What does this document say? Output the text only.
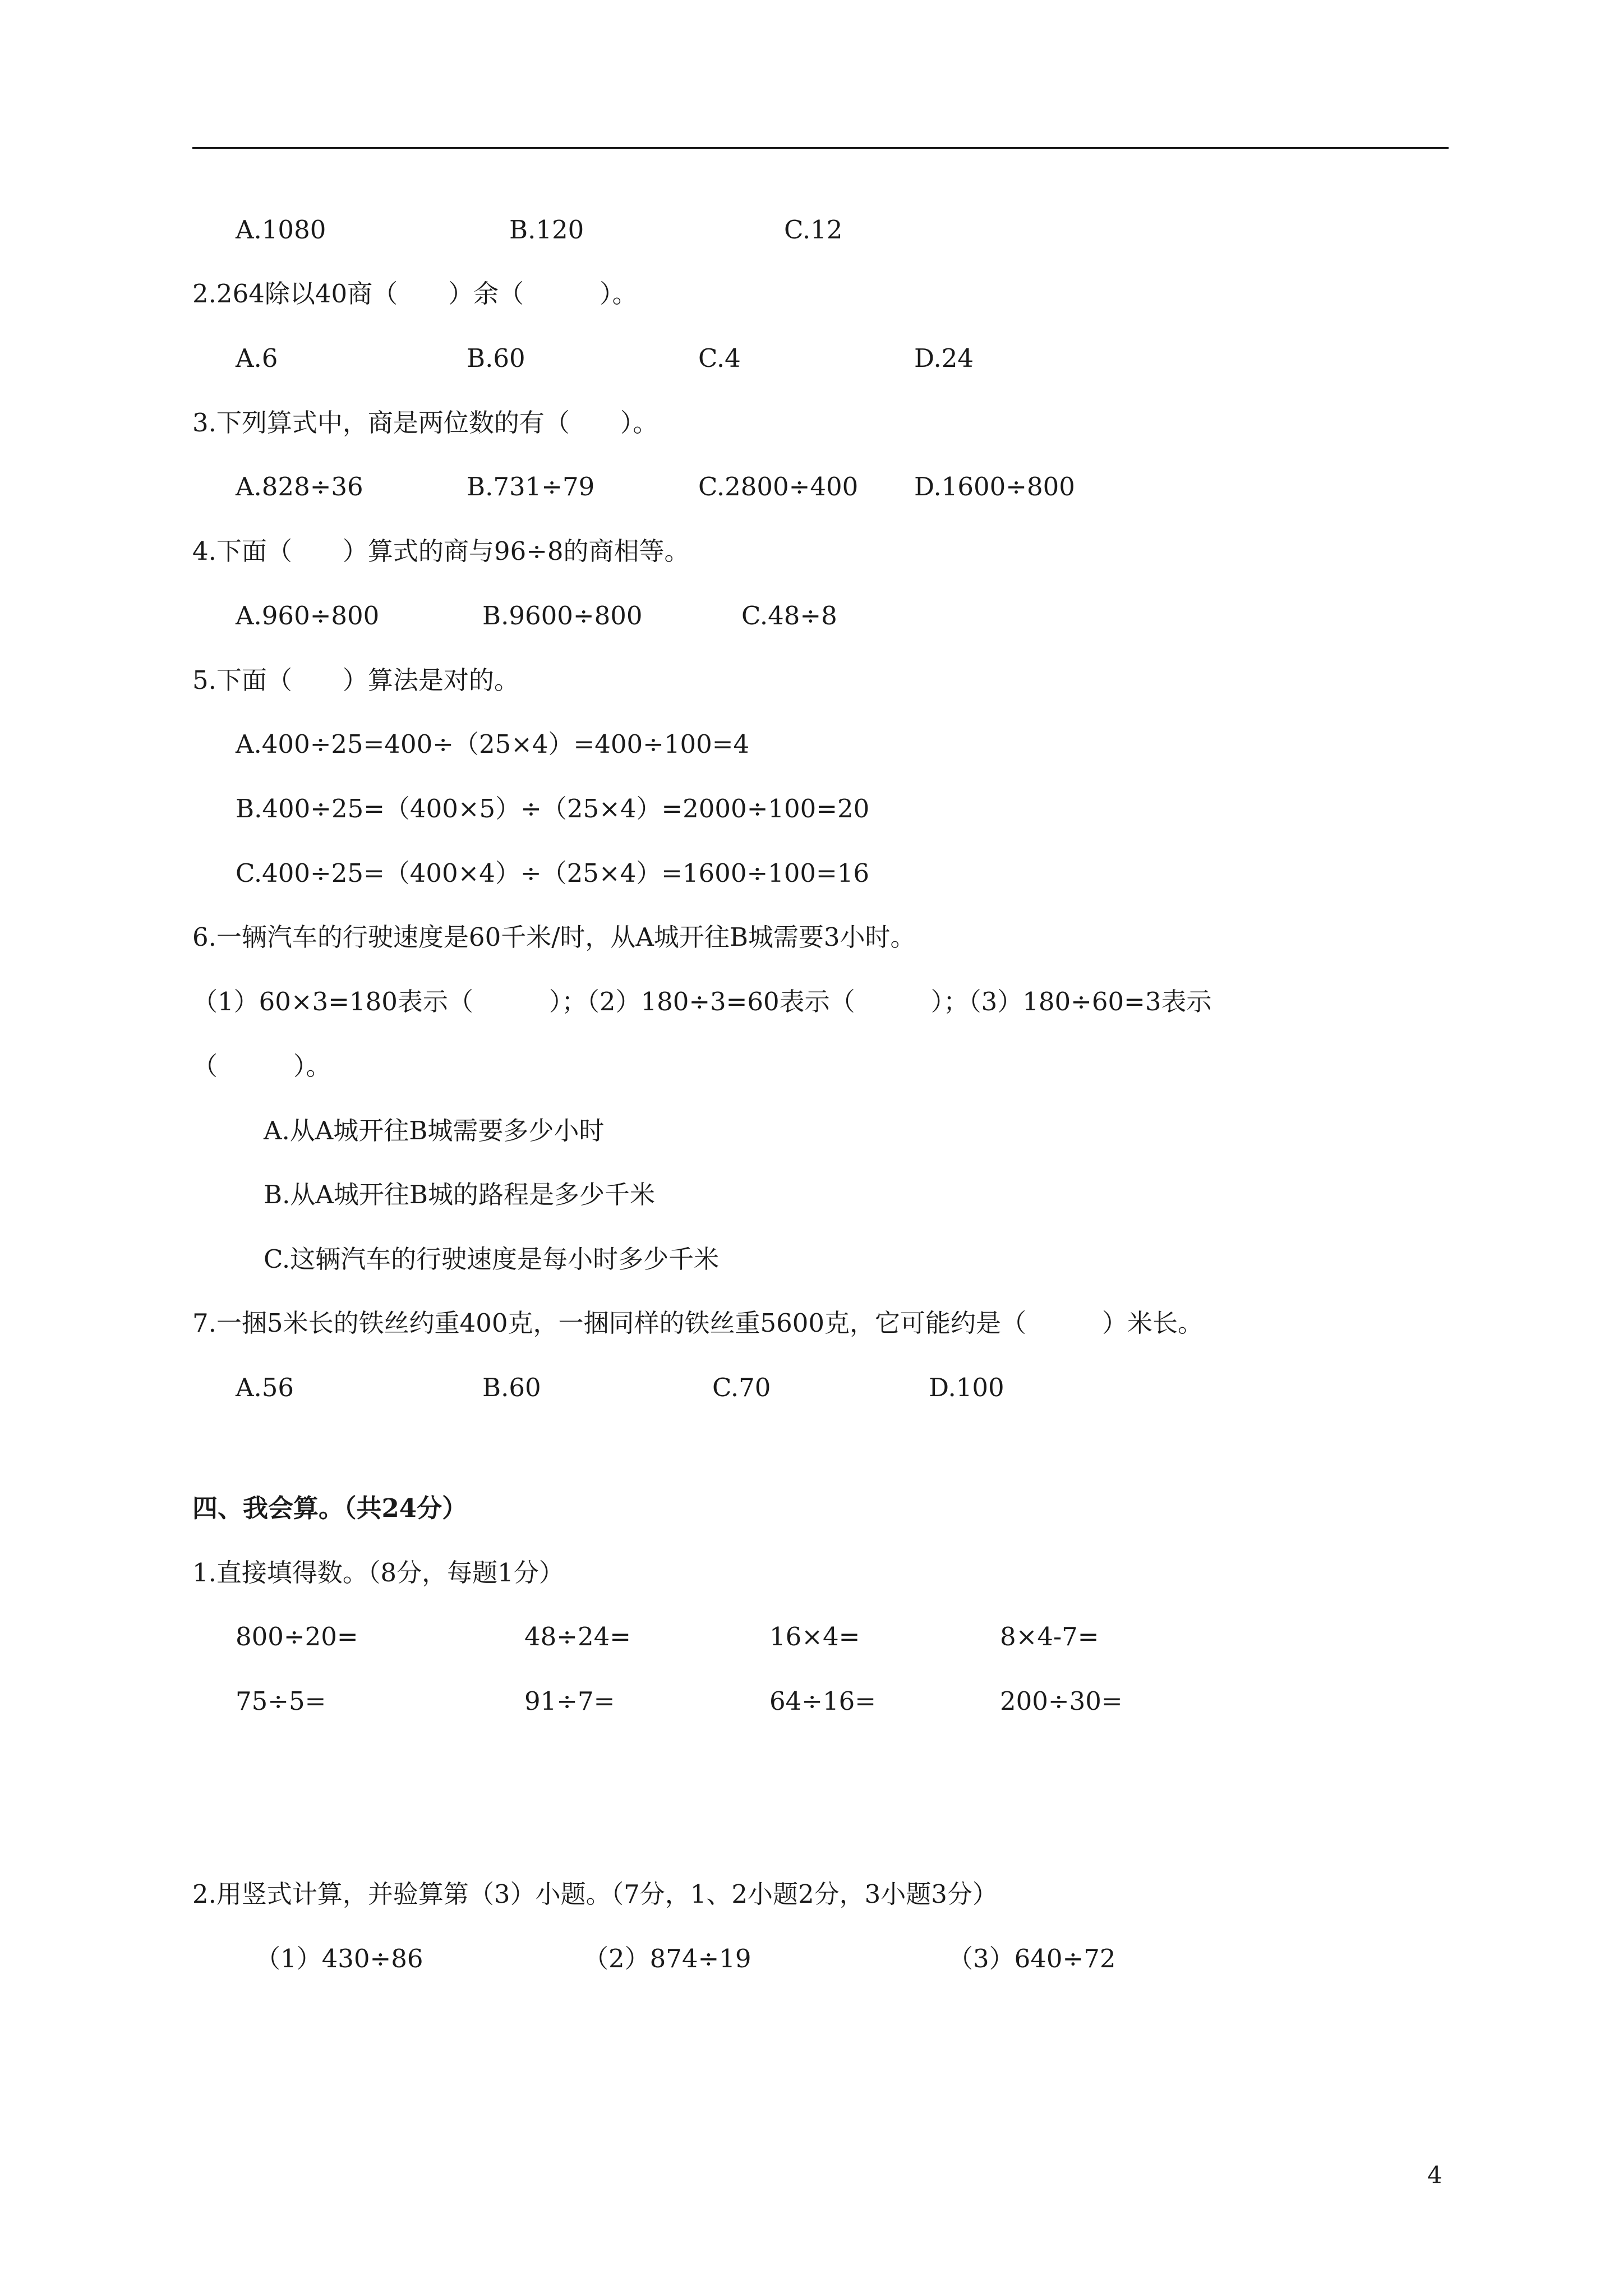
A.1080	B.120	C.12
2.264除以40商（　　）余（　　　）。
A.6	B.60	C.4	D.24
3.下列算式中，商是两位数的有（　　）。
A.828÷36	B.731÷79	C.2800÷400 D.1600÷800
4.下面（　　）算式的商与96÷8的商相等。
A.960÷800	B.9600÷800	C.48÷8
5.下面（　　）算法是对的。
A.400÷25=400÷（25×4）=400÷100=4
B.400÷25=（400×5）÷（25×4）=2000÷100=20
C.400÷25=（400×4）÷（25×4）=1600÷100=16
6.一辆汽车的行驶速度是60千米/时，从A城开往B城需要3小时。
（1）60×3=180表示（　　　）；（2）180÷3=60表示（　　　）；（3）180÷60=3表示
（　　　）。
A.从A城开往B城需要多少小时
B.从A城开往B城的路程是多少千米
C.这辆汽车的行驶速度是每小时多少千米
7.一捆5米长的铁丝约重400克，一捆同样的铁丝重5600克，它可能约是（　　　）米长。
A.56	B.60	C.70	D.100
四、我会算。（共24分）
1.直接填得数。（8分，每题1分）
800÷20=	48÷24=	16×4=	8×4-7=
75÷5=	91÷7=	64÷16=	200÷30=
2.用竖式计算，并验算第（3）小题。（7分，1、2小题2分，3小题3分）
（1）430÷86	（2）874÷19	（3）640÷72
4
